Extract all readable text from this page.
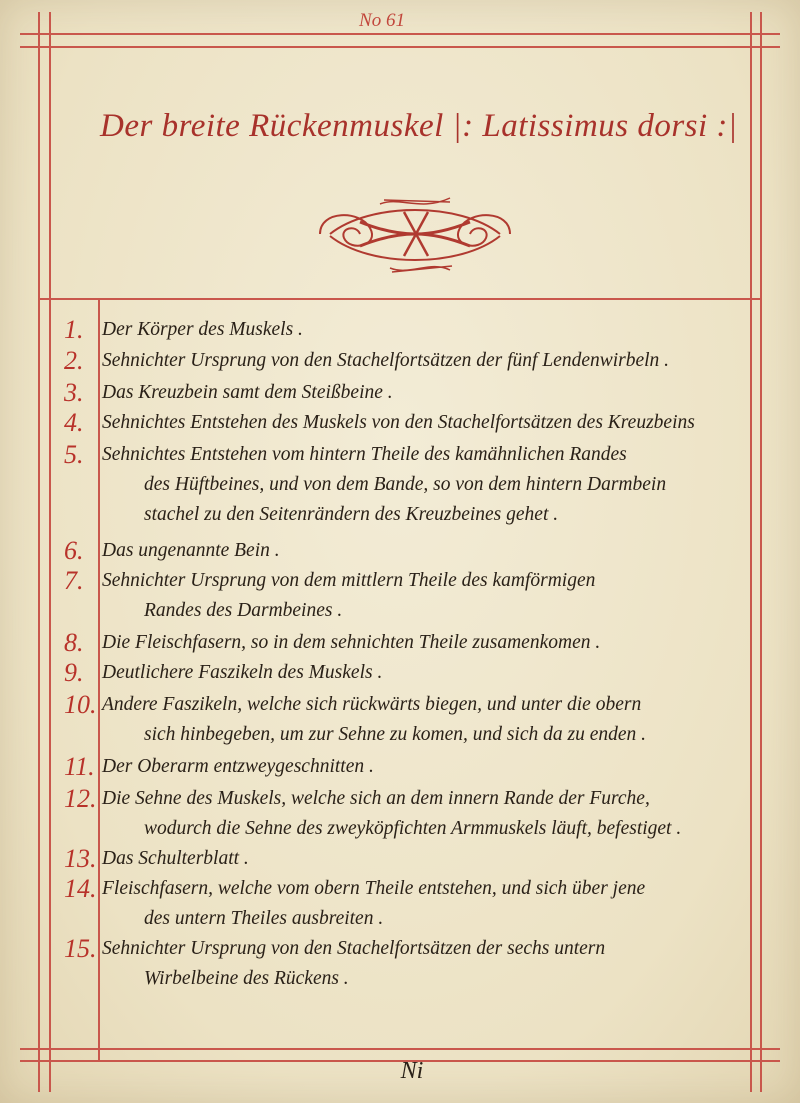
No 61
Der breite Rückenmuskel |: Latissimus dorsi :|
1. Der Körper des Muskels .
2. Sehnichter Ursprung von den Stachelfortsätzen der fünf Lendenwirbeln .
3. Das Kreuzbein samt dem Steißbeine .
4. Sehnichtes Entstehen des Muskels von den Stachelfortsätzen des Kreuzbeins
5. Sehnichtes Entstehen vom hintern Theile des kamähnlichen Randes
des Hüftbeines, und von dem Bande, so von dem hintern Darmbein
stachel zu den Seitenrändern des Kreuzbeines gehet .
6. Das ungenannte Bein .
7. Sehnichter Ursprung von dem mittlern Theile des kamförmigen
Randes des Darmbeines .
8. Die Fleischfasern, so in dem sehnichten Theile zusamenkomen .
9. Deutlichere Faszikeln des Muskels .
10. Andere Faszikeln, welche sich rückwärts biegen, und unter die obern
sich hinbegeben, um zur Sehne zu komen, und sich da zu enden .
11. Der Oberarm entzweygeschnitten .
12. Die Sehne des Muskels, welche sich an dem innern Rande der Furche,
wodurch die Sehne des zweyköpfichten Armmuskels läuft, befestiget .
13. Das Schulterblatt .
14. Fleischfasern, welche vom obern Theile entstehen, und sich über jene
des untern Theiles ausbreiten .
15. Sehnichter Ursprung von den Stachelfortsätzen der sechs untern
Wirbelbeine des Rückens .
Ni
